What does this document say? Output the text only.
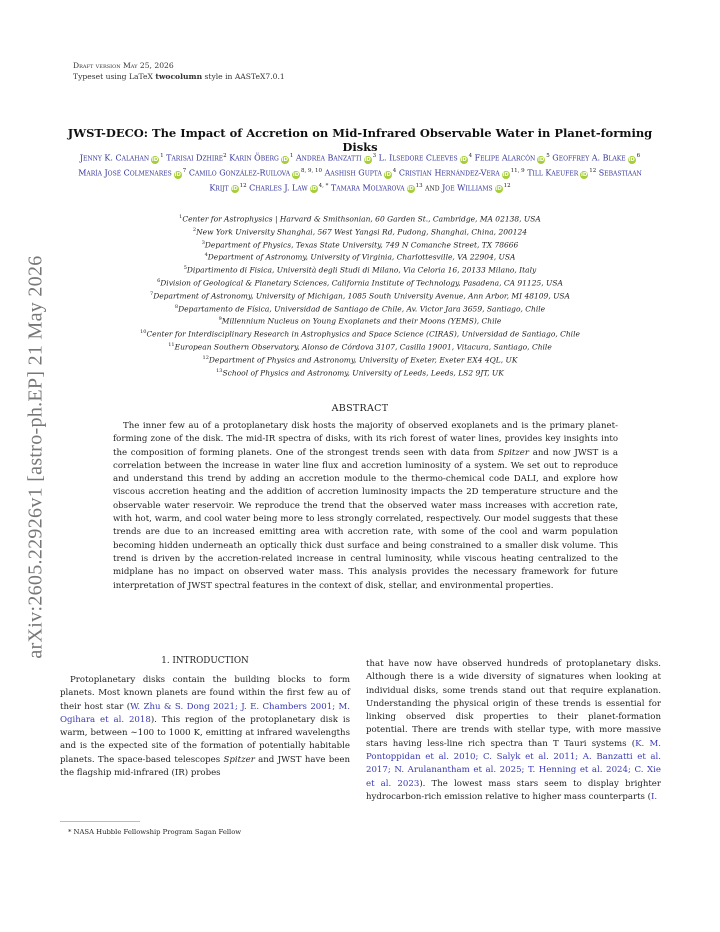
arXiv:2605.22926v1 [astro-ph.EP] 21 May 2026
Draft version May 25, 2026
Typeset using LaTeX twocolumn style in AASTeX7.0.1
JWST-DECO: The Impact of Accretion on Mid-Infrared Observable Water in Planet-forming Disks
Jenny K. Calahan $iD^1$ Tarisai Dzhire$^2$ Karin Öberg $iD^1$ Andrea Banzatti $iD^3$ L. Ilsedore Cleeves $iD^4$ Felipe Alarcón $iD^5$ Geoffrey A. Blake $iD^6$ María José Colmenares $iD^7$ Camilo González-Ruilova iD$^{8, 9, 10}$ Aashish Gupta $iD^4$ Cristian Hernández-Vera iD$^{11, 9}$ Till Kaeufer $iD^{12}$ Sebastiaan Krijt $iD^{12}$ Charles J. Law $iD^{4, *}$ Tamara Molyarova $iD^{13}$ and Joe Williams $iD^{12}$
$^1$Center for Astrophysics | Harvard & Smithsonian, 60 Garden St., Cambridge, MA 02138, USA
$^2$New York University Shanghai, 567 West Yangsi Rd, Pudong, Shanghai, China, 200124
$^3$Department of Physics, Texas State University, 749 N Comanche Street, TX 78666
$^4$Department of Astronomy, University of Virginia, Charlottesville, VA 22904, USA
$^5$Dipartimento di Fisica, Università degli Studi di Milano, Via Celoria 16, 20133 Milano, Italy
$^6$Division of Geological & Planetary Sciences, California Institute of Technology, Pasadena, CA 91125, USA
$^7$Department of Astronomy, University of Michigan, 1085 South University Avenue, Ann Arbor, MI 48109, USA
$^8$Departamento de Física, Universidad de Santiago de Chile, Av. Victor Jara 3659, Santiago, Chile
$^9$Millennium Nucleus on Young Exoplanets and their Moons (YEMS), Chile
$^{10}$Center for Interdisciplinary Research in Astrophysics and Space Science (CIRAS), Universidad de Santiago, Chile
$^{11}$European Southern Observatory, Alonso de Córdova 3107, Casilla 19001, Vitacura, Santiago, Chile
$^{12}$Department of Physics and Astronomy, University of Exeter, Exeter EX4 4QL, UK
$^{13}$School of Physics and Astronomy, University of Leeds, Leeds, LS2 9JT, UK
ABSTRACT

The inner few au of a protoplanetary disk hosts the majority of observed exoplanets and is the primary planet-forming zone of the disk. The mid-IR spectra of disks, with its rich forest of water lines, provides key insights into the composition of forming planets. One of the strongest trends seen with data from Spitzer and now JWST is a correlation between the increase in water line flux and accretion luminosity of a system. We set out to reproduce and understand this trend by adding an accretion module to the thermo-chemical code DALI, and explore how viscous accretion heating and the addition of accretion luminosity impacts the 2D temperature structure and the observable water reservoir. We reproduce the trend that the observed water mass increases with accretion rate, with hot, warm, and cool water being more to less strongly correlated, respectively. Our model suggests that these trends are due to an increased emitting area with accretion rate, with some of the cool and warm population becoming hidden underneath an optically thick dust surface and being constrained to a smaller disk volume. This trend is driven by the accretion-related increase in central luminosity, while viscous heating centralized to the midplane has no impact on observed water mass. This analysis provides the necessary framework for future interpretation of JWST spectral features in the context of disk, stellar, and environmental properties.

1. INTRODUCTION

Protoplanetary disks contain the building blocks to form planets. Most known planets are found within the first few au of their host star (W. Zhu & S. Dong 2021; J. E. Chambers 2001; M. Ogihara et al. 2018). This region of the protoplanetary disk is warm, between ∼100 to 1000 K, emitting at infrared wavelengths and is the expected site of the formation of potentially habitable planets. The space-based telescopes Spitzer and JWST have been the flagship mid-infrared (IR) probes

that have now have observed hundreds of protoplanetary disks. Although there is a wide diversity of signatures when looking at individual disks, some trends stand out that require explanation. Understanding the physical origin of these trends is essential for linking observed disk properties to their planet-formation potential. There are trends with stellar type, with more massive stars having less-line rich spectra than T Tauri systems (K. M. Pontoppidan et al. 2010; C. Salyk et al. 2011; A. Banzatti et al. 2017; N. Arulanantham et al. 2025; T. Henning et al. 2024; C. Xie et al. 2023). The lowest mass stars seem to display brighter hydrocarbon-rich emission relative to higher mass counterparts (I.

* NASA Hubble Fellowship Program Sagan Fellow
